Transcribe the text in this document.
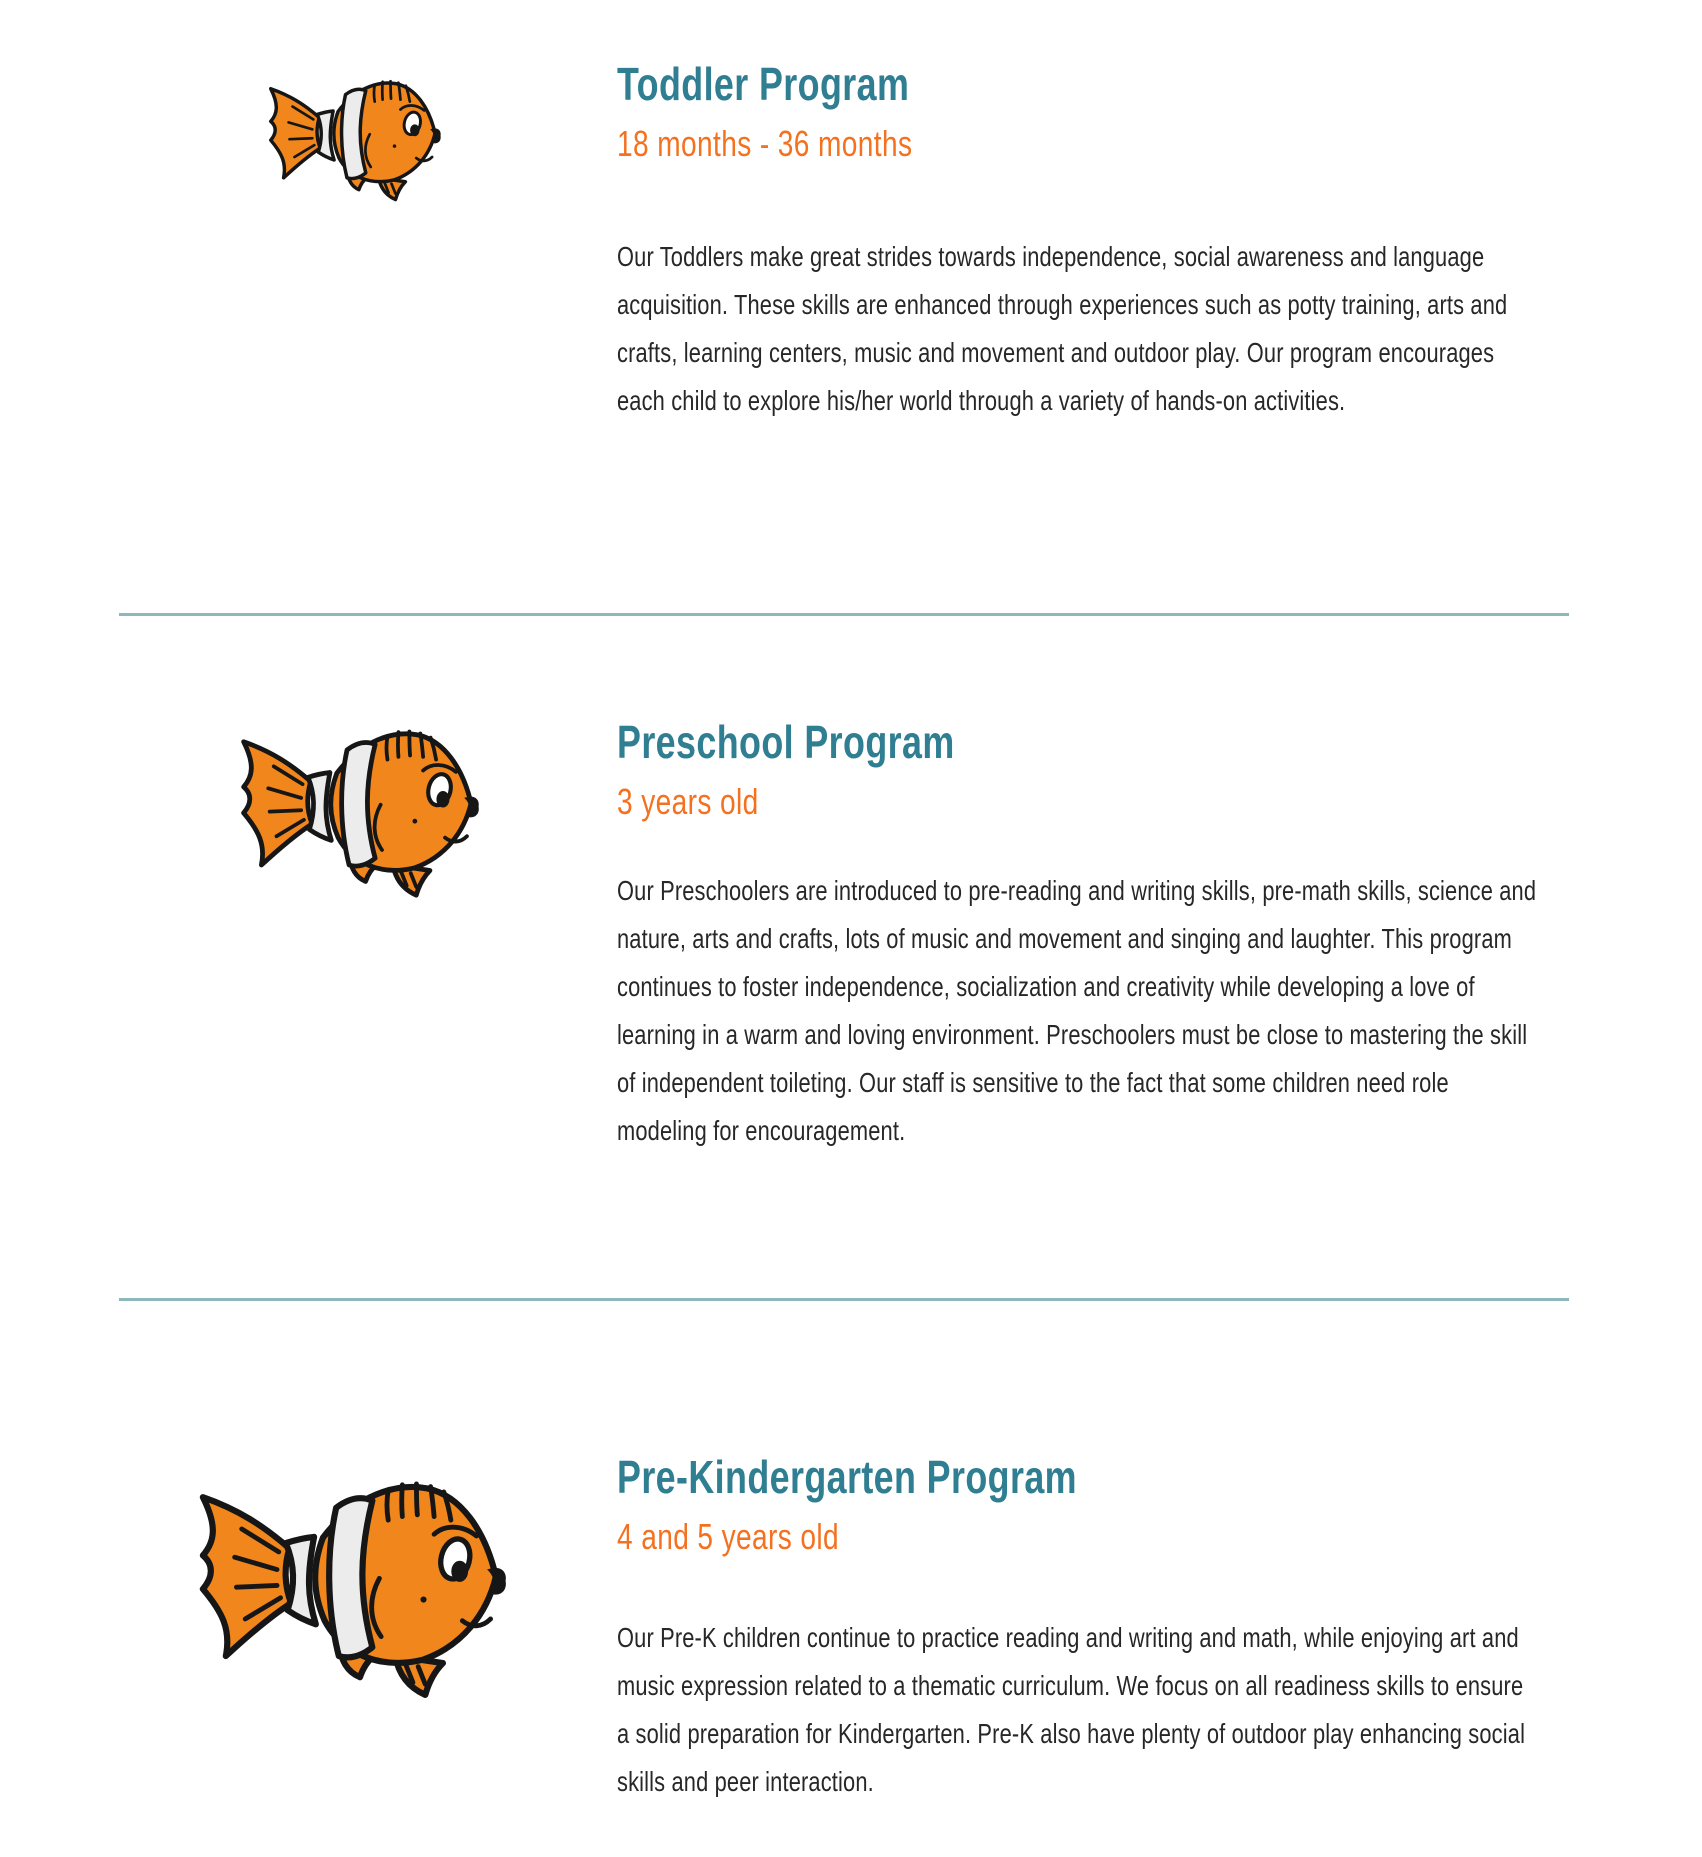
Toddler Program
18 months - 36 months

Our Toddlers make great strides towards independence, social awareness and language acquisition. These skills are enhanced through experiences such as potty training, arts and crafts, learning centers, music and movement and outdoor play. Our program encourages each child to explore his/her world through a variety of hands-on activities.

Preschool Program
3 years old

Our Preschoolers are introduced to pre-reading and writing skills, pre-math skills, science and nature, arts and crafts, lots of music and movement and singing and laughter. This program continues to foster independence, socialization and creativity while developing a love of learning in a warm and loving environment. Preschoolers must be close to mastering the skill of independent toileting. Our staff is sensitive to the fact that some children need role modeling for encouragement.

Pre-Kindergarten Program
4 and 5 years old

Our Pre-K children continue to practice reading and writing and math, while enjoying art and music expression related to a thematic curriculum. We focus on all readiness skills to ensure a solid preparation for Kindergarten. Pre-K also have plenty of outdoor play enhancing social skills and peer interaction.
